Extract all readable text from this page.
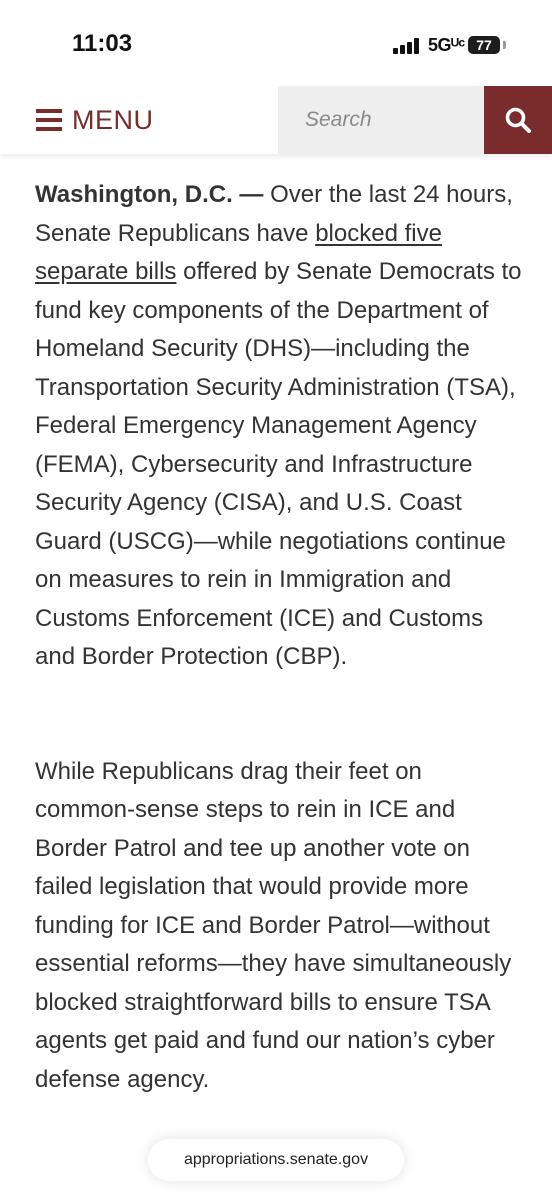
11:03	5Gᵁᶜ 77
MENU
Search

Washington, D.C. — Over the last 24 hours, Senate Republicans have blocked five separate bills offered by Senate Democrats to fund key components of the Department of Homeland Security (DHS)—including the Transportation Security Administration (TSA), Federal Emergency Management Agency (FEMA), Cybersecurity and Infrastructure Security Agency (CISA), and U.S. Coast Guard (USCG)—while negotiations continue on measures to rein in Immigration and Customs Enforcement (ICE) and Customs and Border Protection (CBP).

While Republicans drag their feet on common-sense steps to rein in ICE and Border Patrol and tee up another vote on failed legislation that would provide more funding for ICE and Border Patrol—without essential reforms—they have simultaneously blocked straightforward bills to ensure TSA agents get paid and fund our nation’s cyber defense agency.

appropriations.senate.gov
